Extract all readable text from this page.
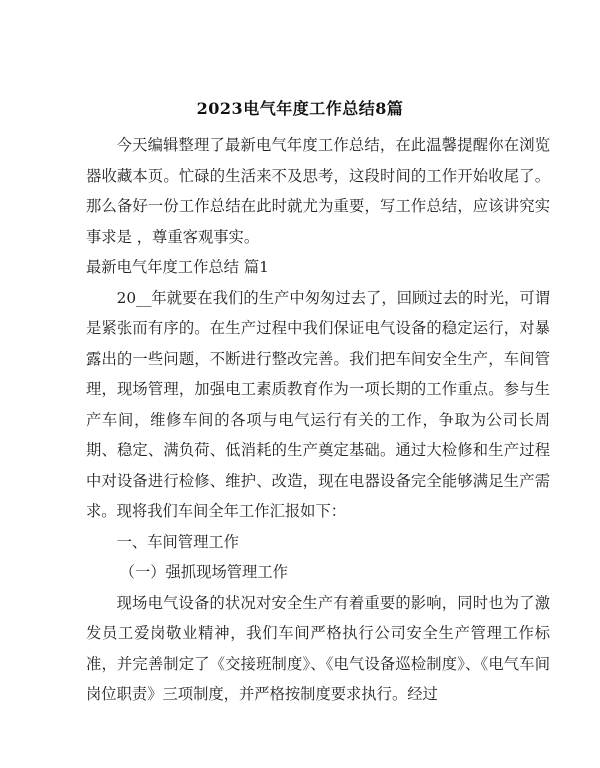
2023电气年度工作总结8篇

今天编辑整理了最新电气年度工作总结，在此温馨提醒你在浏览器收藏本页。忙碌的生活来不及思考，这段时间的工作开始收尾了。那么备好一份工作总结在此时就尤为重要，写工作总结，应该讲究实事求是 ，尊重客观事实。

最新电气年度工作总结 篇1

20__年就要在我们的生产中匆匆过去了，回顾过去的时光，可谓是紧张而有序的。在生产过程中我们保证电气设备的稳定运行，对暴露出的一些问题，不断进行整改完善。我们把车间安全生产，车间管理，现场管理，加强电工素质教育作为一项长期的工作重点。参与生产车间，维修车间的各项与电气运行有关的工作，争取为公司长周期、稳定、满负荷、低消耗的生产奠定基础。通过大检修和生产过程中对设备进行检修、维护、改造，现在电器设备完全能够满足生产需求。现将我们车间全年工作汇报如下：

一、车间管理工作

（一）强抓现场管理工作

现场电气设备的状况对安全生产有着重要的影响，同时也为了激发员工爱岗敬业精神，我们车间严格执行公司安全生产管理工作标准，并完善制定了《交接班制度》、《电气设备巡检制度》、《电气车间岗位职责》三项制度，并严格按制度要求执行。经过
